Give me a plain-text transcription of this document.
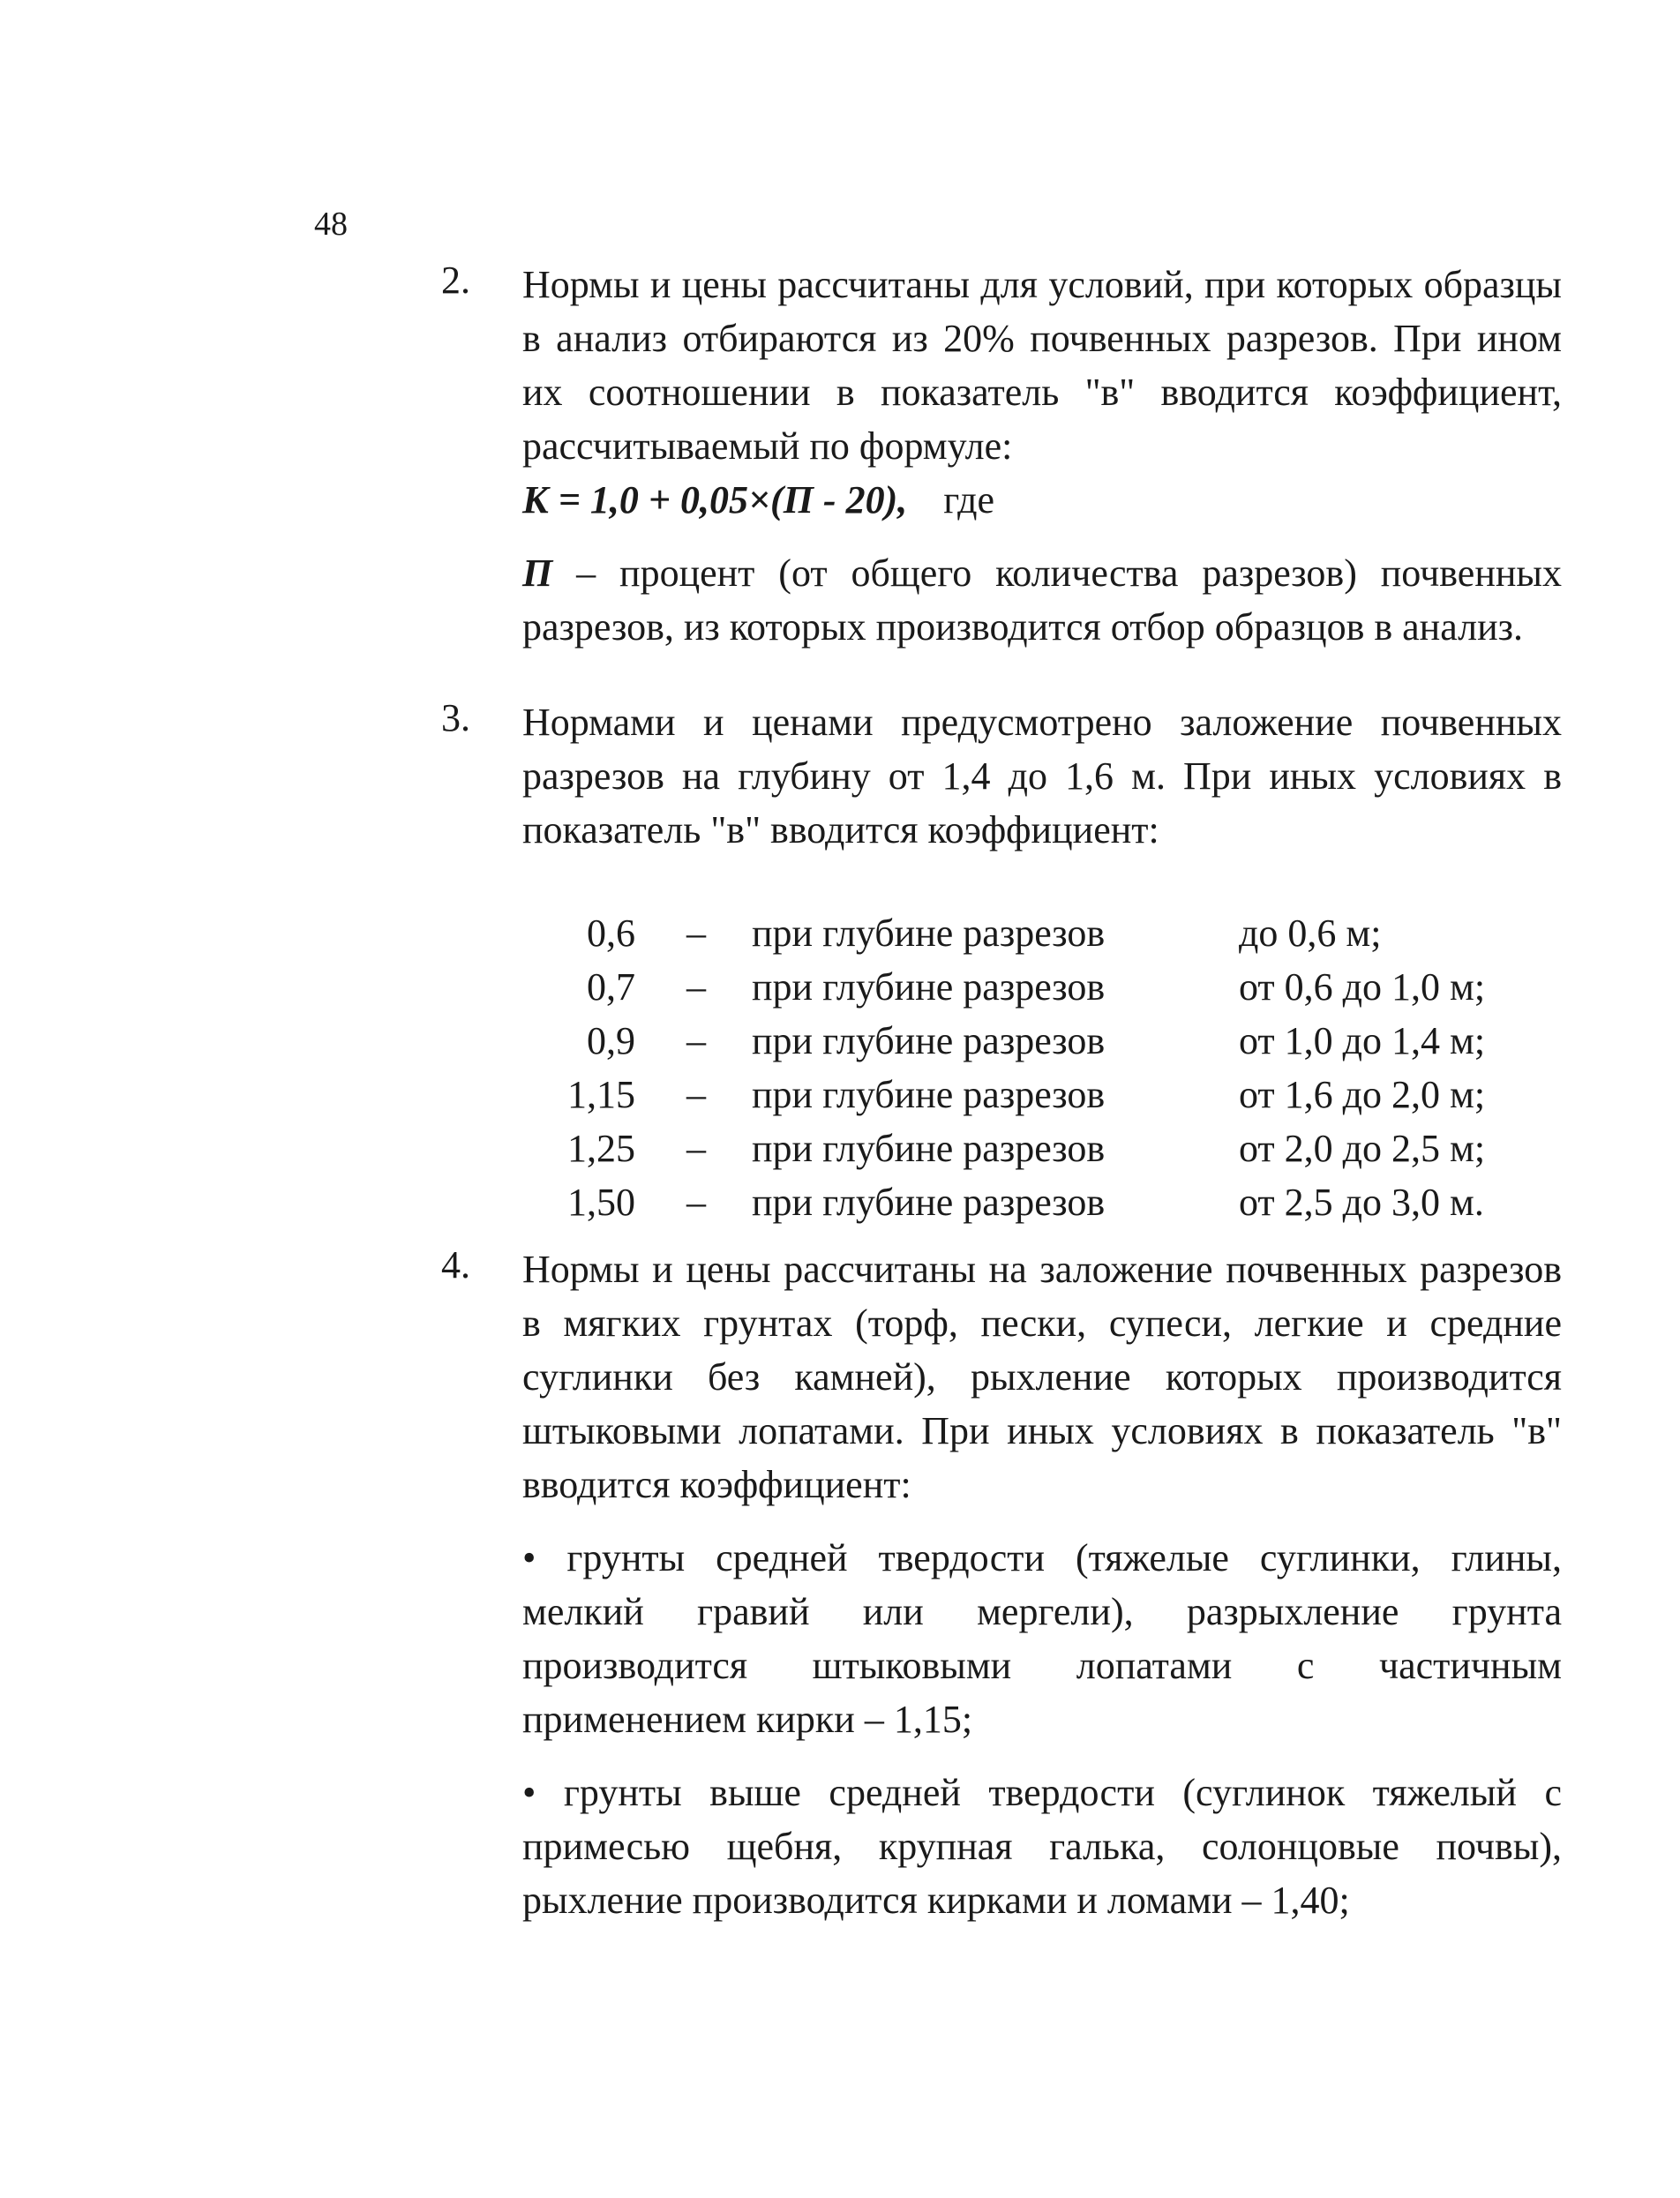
48
2. Нормы и цены рассчитаны для условий, при которых образцы в анализ отбираются из 20% почвенных разрезов. При ином их соотношении в показатель "в" вводится коэффициент, рассчитываемый по формуле:

К = 1,0 + 0,05×(П - 20), где

П – процент (от общего количества разрезов) почвенных разрезов, из которых производится отбор образцов в анализ.

3. Нормами и ценами предусмотрено заложение почвенных разрезов на глубину от 1,4 до 1,6 м. При иных условиях в показатель "в" вводится коэффициент:

0,6 – при глубине разрезов	до 0,6 м;
0,7 – при глубине разрезов	от 0,6 до 1,0 м;
0,9 – при глубине разрезов	от 1,0 до 1,4 м;
1,15 – при глубине разрезов	от 1,6 до 2,0 м;
1,25 – при глубине разрезов	от 2,0 до 2,5 м;
1,50 – при глубине разрезов	от 2,5 до 3,0 м.
4. Нормы и цены рассчитаны на заложение почвенных разрезов в мягких грунтах (торф, пески, супеси, легкие и средние суглинки без камней), рыхление которых производится штыковыми лопатами. При иных условиях в показатель "в" вводится коэффициент:

• грунты средней твердости (тяжелые суглинки, глины, мелкий гравий или мергели), разрыхление грунта производится штыковыми лопатами с частичным применением кирки – 1,15;

• грунты выше средней твердости (суглинок тяжелый с примесью щебня, крупная галька, солонцовые почвы), рыхление производится кирками и ломами – 1,40;
